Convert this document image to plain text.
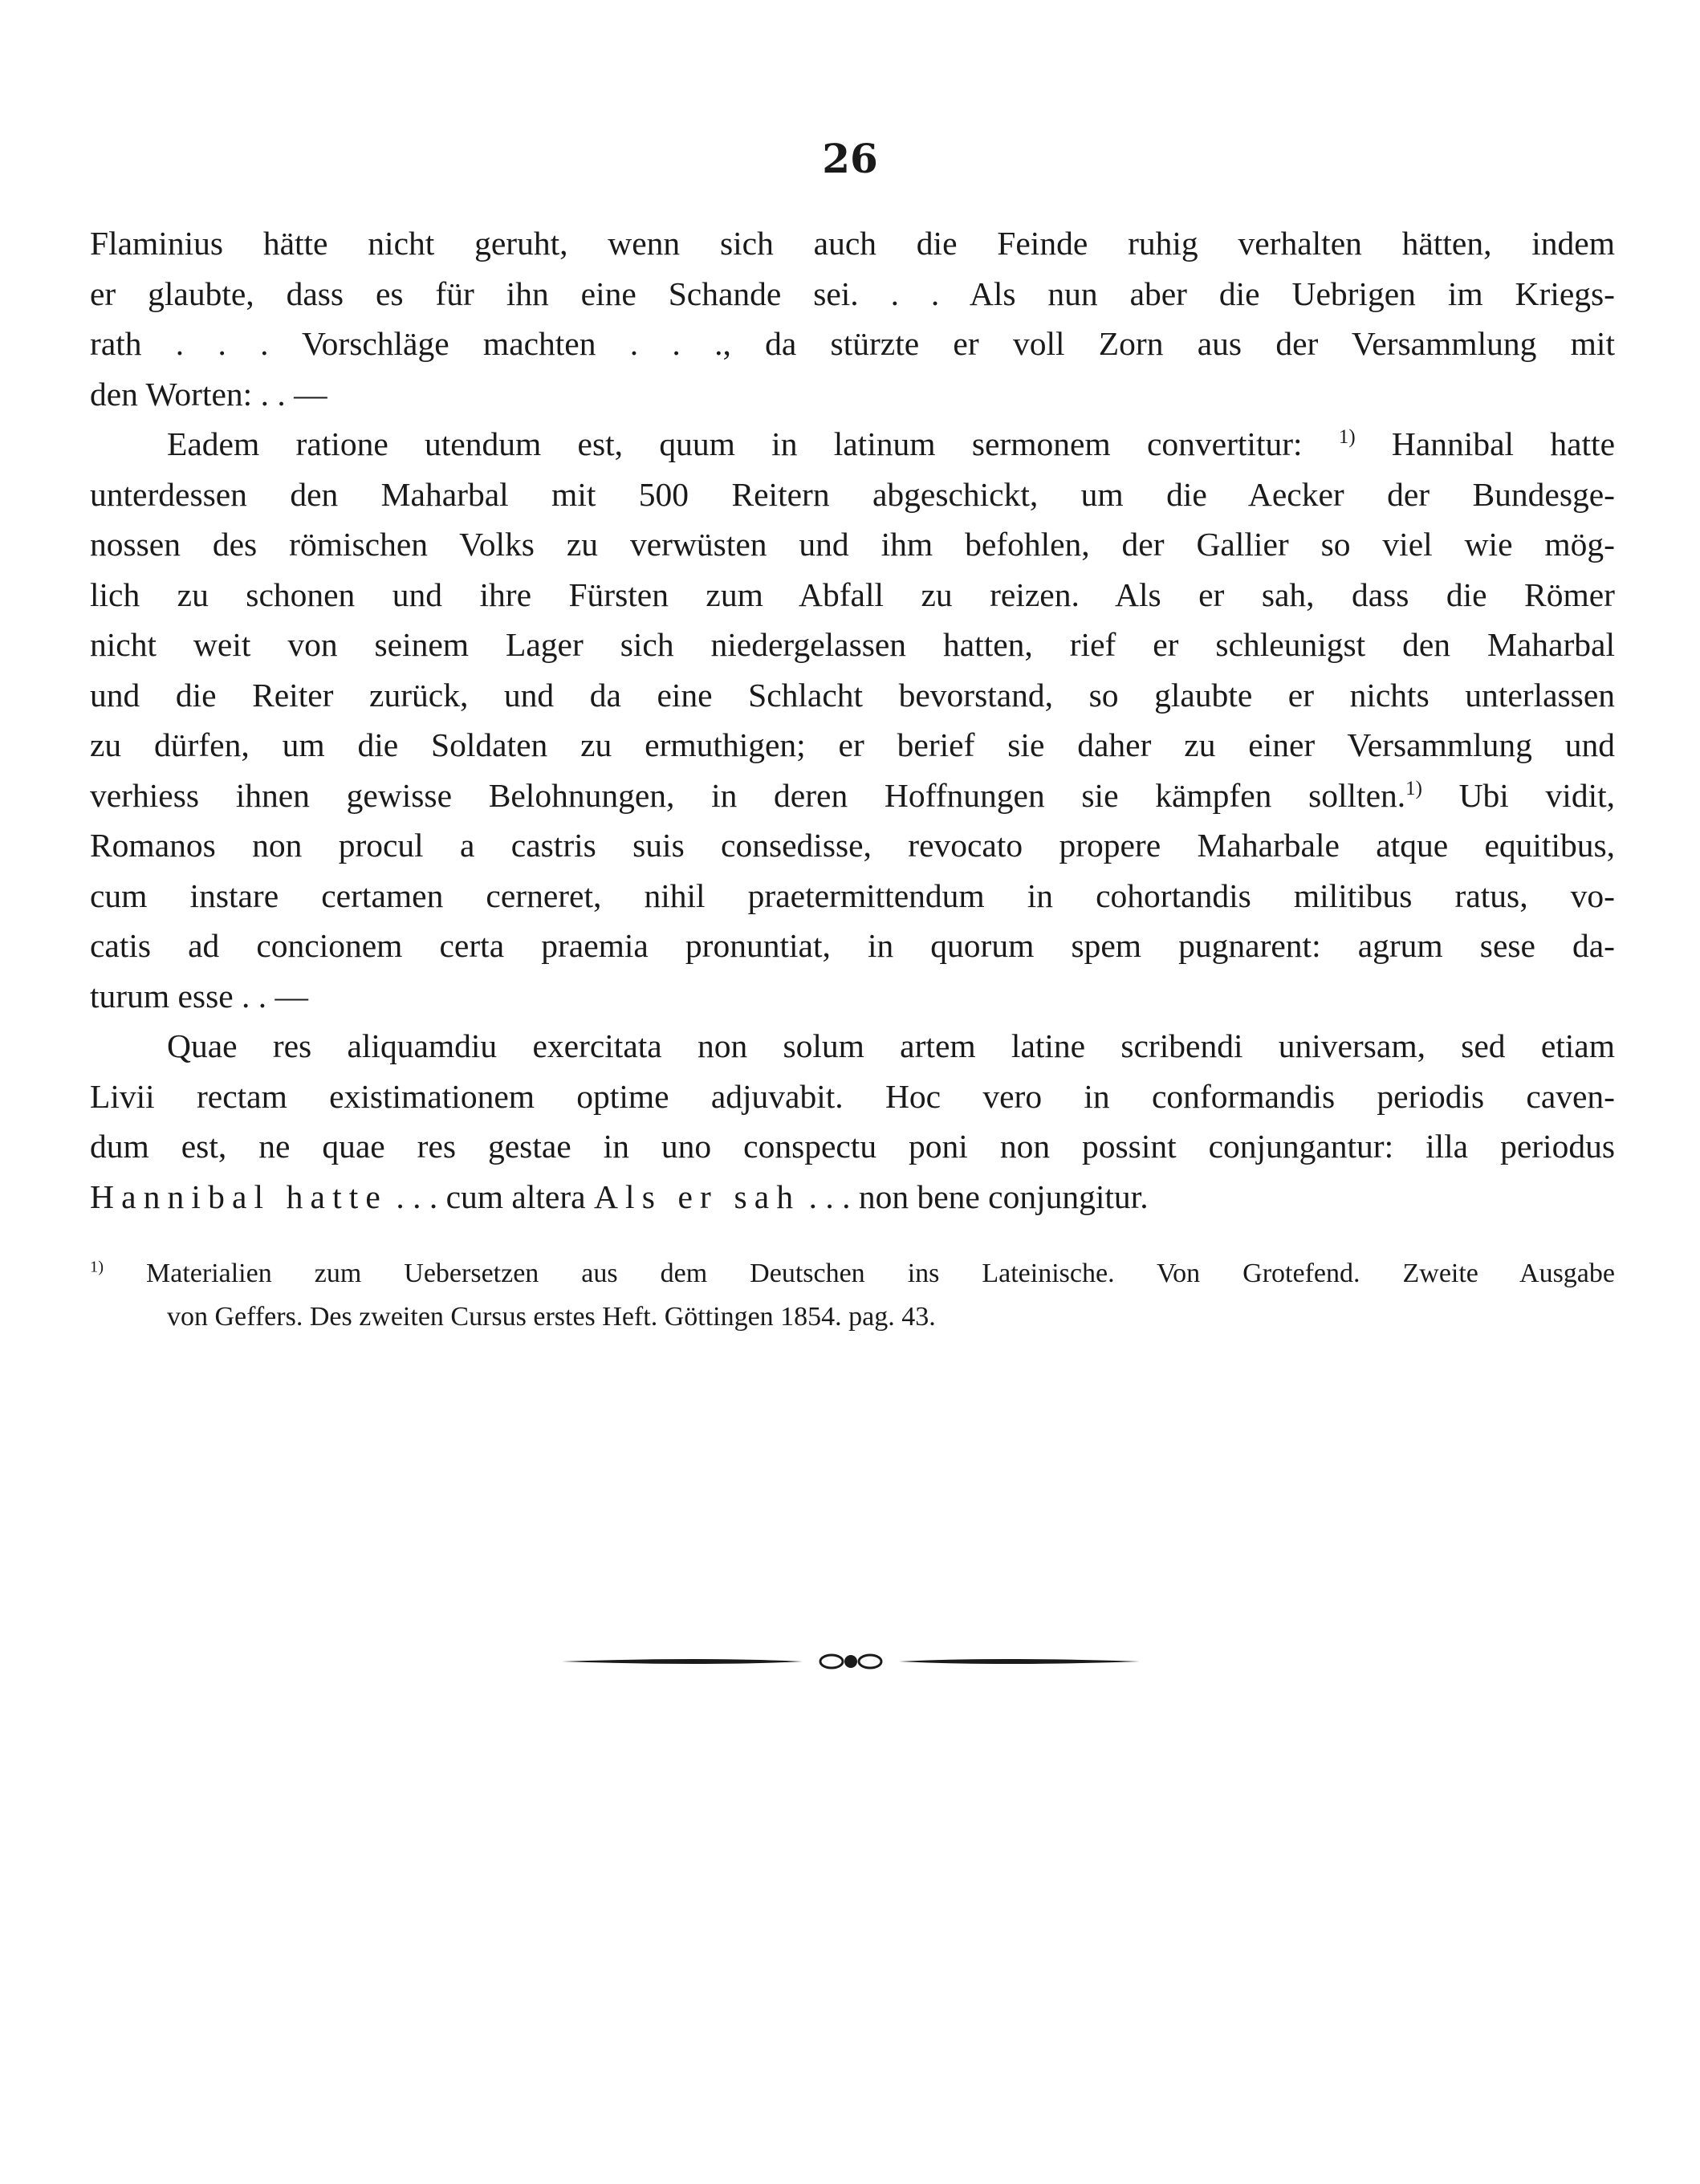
26
Flaminius hätte nicht geruht, wenn sich auch die Feinde ruhig verhalten hätten, indem
er glaubte, dass es für ihn eine Schande sei. . . Als nun aber die Uebrigen im Kriegs-
rath . . . Vorschläge machten . . ., da stürzte er voll Zorn aus der Versammlung mit
den Worten: . . —
Eadem ratione utendum est, quum in latinum sermonem convertitur: $^{1)}$ Hannibal hatte
unterdessen den Maharbal mit 500 Reitern abgeschickt, um die Aecker der Bundesge-
nossen des römischen Volks zu verwüsten und ihm befohlen, der Gallier so viel wie mög-
lich zu schonen und ihre Fürsten zum Abfall zu reizen. Als er sah, dass die Römer
nicht weit von seinem Lager sich niedergelassen hatten, rief er schleunigst den Maharbal
und die Reiter zurück, und da eine Schlacht bevorstand, so glaubte er nichts unterlassen
zu dürfen, um die Soldaten zu ermuthigen; er berief sie daher zu einer Versammlung und
verhiess ihnen gewisse Belohnungen, in deren Hoffnungen sie kämpfen sollten.$^{1)}$ Ubi vidit,
Romanos non procul a castris suis consedisse, revocato propere Maharbale atque equitibus,
cum instare certamen cerneret, nihil praetermittendum in cohortandis militibus ratus, vo-
catis ad concionem certa praemia pronuntiat, in quorum spem pugnarent: agrum sese da-
turum esse . . —
Quae res aliquamdiu exercitata non solum artem latine scribendi universam, sed etiam
Livii rectam existimationem optime adjuvabit. Hoc vero in conformandis periodis caven-
dum est, ne quae res gestae in uno conspectu poni non possint conjungantur: illa periodus
Hannibal hatte . . . cum altera Als er sah . . . non bene conjungitur.
$^{1)}$ Materialien zum Uebersetzen aus dem Deutschen ins Lateinische. Von Grotefend. Zweite Ausgabe
von Geffers. Des zweiten Cursus erstes Heft. Göttingen 1854. pag. 43.
